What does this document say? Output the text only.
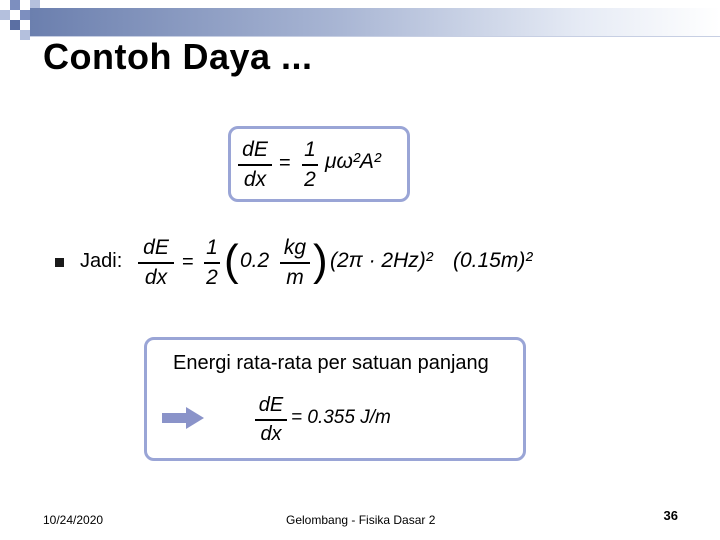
Contoh Daya ...
dE
dx
=
1
2
μω²A²
Jadi:
dE
dx
=
1
2 ( 0.2
kg
m ) (2π · 2Hz)² (0.15m)²
Energi rata-rata per satuan panjang
dE
dx
= 0.355 J/m
10/24/2020	Gelombang - Fisika Dasar 2	36
